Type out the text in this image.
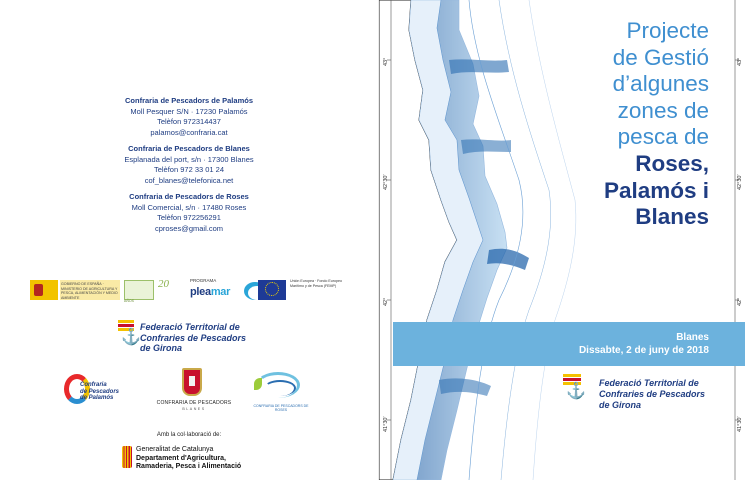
Confraria de Pescadors de Palamós
Moll Pesquer S/N · 17230 Palamós
Telèfon 972314437
palamos@confraria.cat
Confraria de Pescadors de Blanes
Esplanada del port, s/n · 17300 Blanes
Telèfon 972 33 01 24
cof_blanes@telefonica.net
Confraria de Pescadors de Roses
Moll Comercial, s/n · 17480 Roses
Telèfon 972256291
cproses@gmail.com
GOBIERNO DE ESPAÑA · MINISTERIO DE AGRICULTURA Y PESCA, ALIMENTACIÓN Y MEDIO AMBIENTE
20
AÑOS
PROGRAMA
pleamar
Unión Europea · Fondo Europeo Marítimo y de Pesca (FEMP)
⚓
Federació Territorial de
Confraries de Pescadors
de Girona
Confraria
de Pescadors
de Palamós
CONFRARIA DE PESCADORS
BLANES
CONFRARIA DE PESCADORS DE ROSES
Amb la col·laboració de:
Generalitat de Catalunya
Departament d'Agricultura,
Ramaderia, Pesca i Alimentació
43°
42°30’
42°
41°30’
43°
42°30’
42°
41°30’
Projecte
de Gestió
d’algunes
zones de
pesca de
Roses,
Palamós i
Blanes
Blanes
Dissabte, 2 de juny de 2018
⚓ Federació Territorial de
Confraries de Pescadors
de Girona
